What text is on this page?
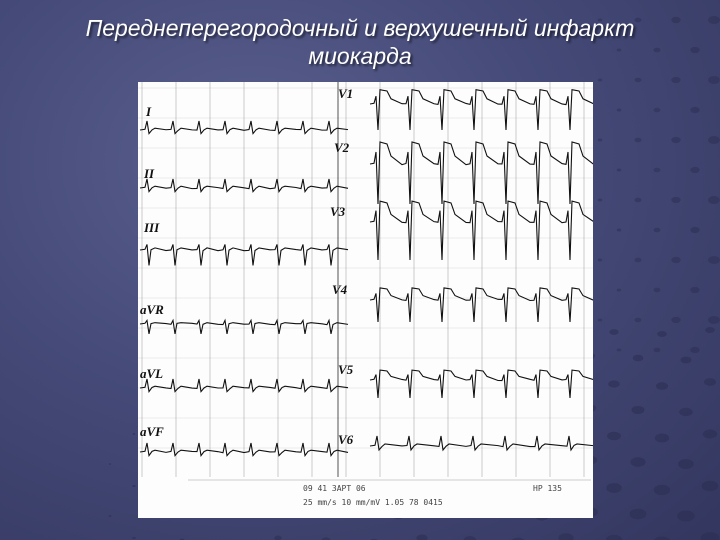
Переднеперегородочный и верхушечный инфаркт
миокарда
I
II
III
aVR
aVL
aVF
V1
V2
V3
V4
V5
V6
09 41 ЗАРТ 06	НР 135
25 mm/s 10 mm/mV 1.05 78 0415
